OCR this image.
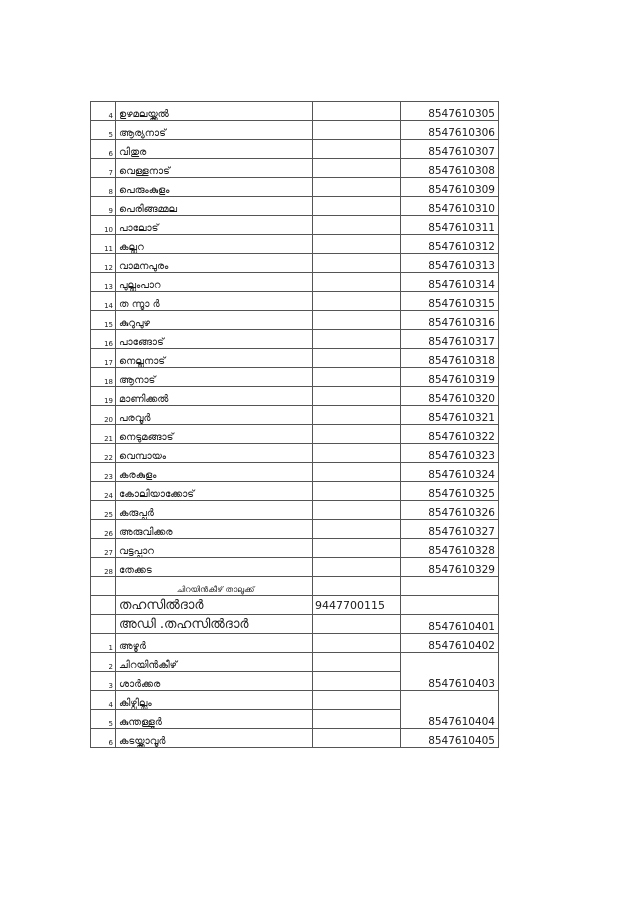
4	ഉഴമലയ്ക്കൽ		8547610305
5	ആര്യനാട്		8547610306
6	വിതുര		8547610307
7	വെള്ളനാട്		8547610308
8	പെരുംകുളം		8547610309
9	പെരിങ്ങമ്മല		8547610310
10	പാലോട്		8547610311
11	കല്ലറ		8547610312
12	വാമനപുരം		8547610313
13	പുല്ലംപാറ		8547610314
14	ത ന്നാൂ ർ		8547610315
15	കുറുപുഴ		8547610316
16	പാങ്ങോട്		8547610317
17	നെല്ലനാട്		8547610318
18	ആനാട്		8547610319
19	മാണിക്കൽ		8547610320
20	പരവൂർ		8547610321
21	നെടുമങ്ങാട്		8547610322
22	വെമ്പായം		8547610323
23	കരകുളം		8547610324
24	കോലിയാക്കോട്		8547610325
25	കരുപ്പൂർ		8547610326
26	അരുവിക്കര		8547610327
27	വട്ടപ്പാറ		8547610328
28	തേക്കട		8547610329
	ചിറയിൻകീഴ് താലൂക്ക്		
	തഹസിൽദാർ	9447700115	
	അഡി .തഹസിൽദാർ		8547610401
1	അഴൂർ		8547610402
2	ചിറയിൻകീഴ്		8547610403
3	ശാർക്കര		
4	കിഴ്വില്ലം		8547610404
5	കുന്തള്ളൂർ		
6	കടയ്ക്കാവൂർ		8547610405
